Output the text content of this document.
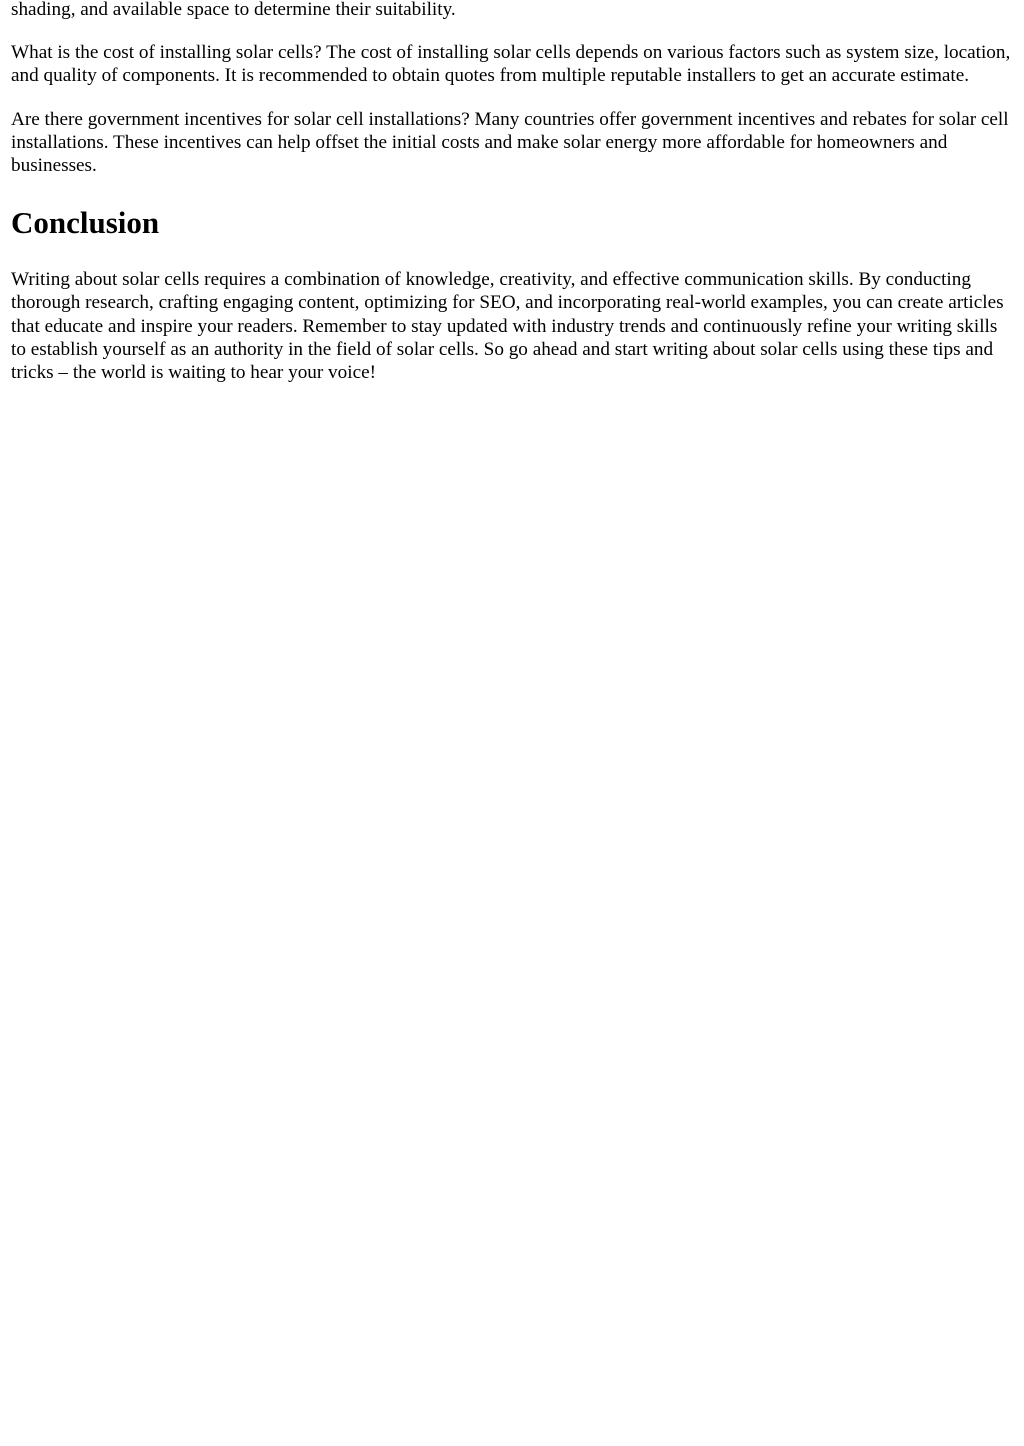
shading, and available space to determine their suitability.

What is the cost of installing solar cells? The cost of installing solar cells depends on various factors such as system size, location, and quality of components. It is recommended to obtain quotes from multiple reputable installers to get an accurate estimate.

Are there government incentives for solar cell installations? Many countries offer government incentives and rebates for solar cell installations. These incentives can help offset the initial costs and make solar energy more affordable for homeowners and businesses.

Conclusion

Writing about solar cells requires a combination of knowledge, creativity, and effective communication skills. By conducting thorough research, crafting engaging content, optimizing for SEO, and incorporating real-world examples, you can create articles that educate and inspire your readers. Remember to stay updated with industry trends and continuously refine your writing skills to establish yourself as an authority in the field of solar cells. So go ahead and start writing about solar cells using these tips and tricks – the world is waiting to hear your voice!
